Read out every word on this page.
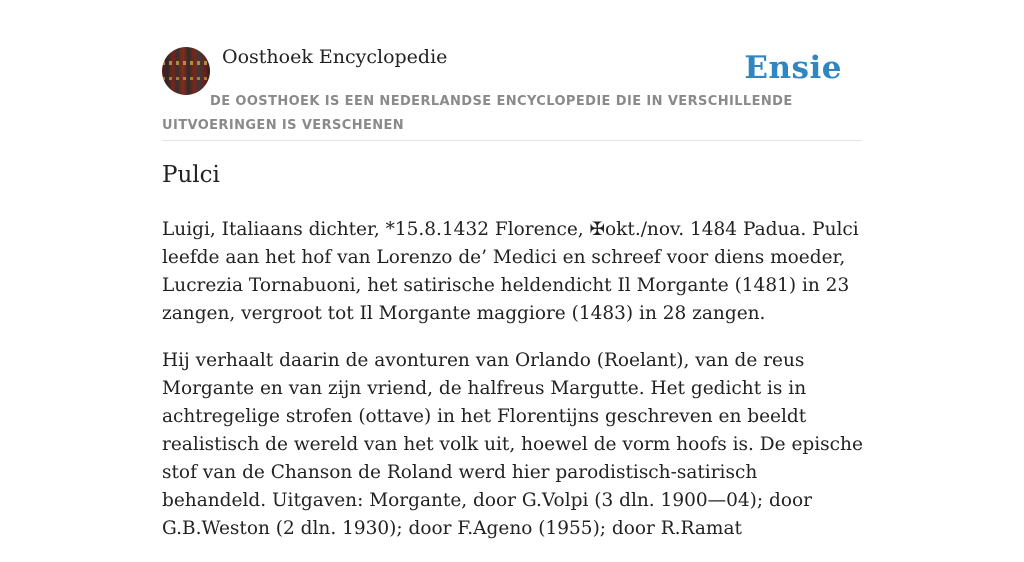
Oosthoek Encyclopedie	Ensie
DE OOSTHOEK IS EEN NEDERLANDSE ENCYCLOPEDIE DIE IN VERSCHILLENDE UITVOERINGEN IS VERSCHENEN
Pulci

Luigi, Italiaans dichter, *15.8.1432 Florence, ✠okt./nov. 1484 Padua. Pulci leefde aan het hof van Lorenzo de’ Medici en schreef voor diens moeder, Lucrezia Tornabuoni, het satirische heldendicht Il Morgante (1481) in 23 zangen, vergroot tot Il Morgante maggiore (1483) in 28 zangen.

Hij verhaalt daarin de avonturen van Orlando (Roelant), van de reus Morgante en van zijn vriend, de halfreus Margutte. Het gedicht is in achtregelige strofen (ottave) in het Florentijns geschreven en beeldt realistisch de wereld van het volk uit, hoewel de vorm hoofs is. De epische stof van de Chanson de Roland werd hier parodistisch-satirisch behandeld. Uitgaven: Morgante, door G.Volpi (3 dln. 1900—04); door G.B.Weston (2 dln. 1930); door F.Ageno (1955); door R.Ramat
